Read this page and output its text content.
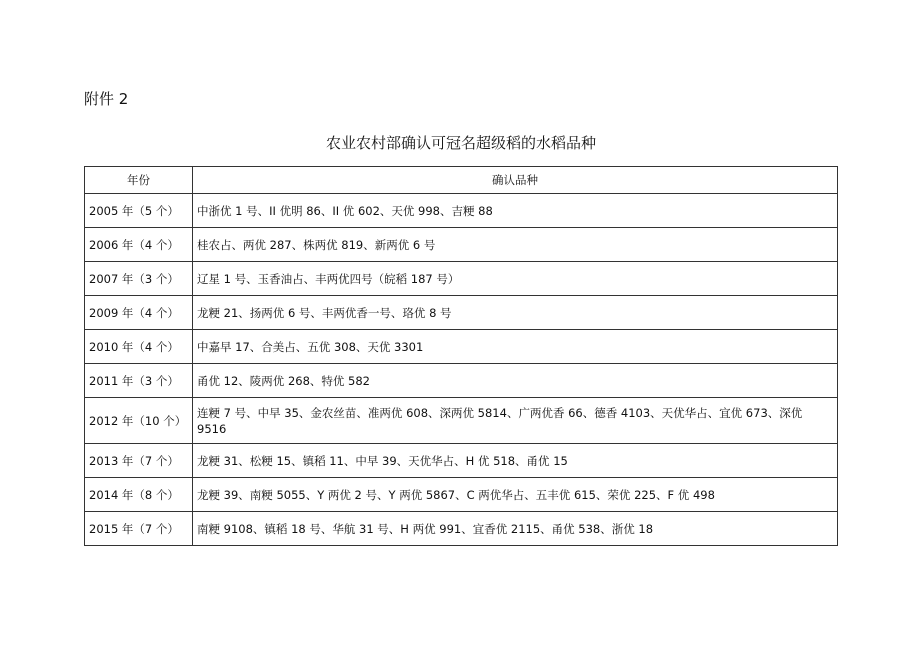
附件 2
农业农村部确认可冠名超级稻的水稻品种
年份	确认品种
2005 年（5 个）	中浙优 1 号、II 优明 86、II 优 602、天优 998、吉粳 88
2006 年（4 个）	桂农占、两优 287、株两优 819、新两优 6 号
2007 年（3 个）	辽星 1 号、玉香油占、丰两优四号（皖稻 187 号）
2009 年（4 个）	龙粳 21、扬两优 6 号、丰两优香一号、珞优 8 号
2010 年（4 个）	中嘉早 17、合美占、五优 308、天优 3301
2011 年（3 个）	甬优 12、陵两优 268、特优 582
2012 年（10 个）	连粳 7 号、中早 35、金农丝苗、准两优 608、深两优 5814、广两优香 66、德香 4103、天优华占、宜优 673、深优 9516
2013 年（7 个）	龙粳 31、松粳 15、镇稻 11、中早 39、天优华占、H 优 518、甬优 15
2014 年（8 个）	龙粳 39、南粳 5055、Y 两优 2 号、Y 两优 5867、C 两优华占、五丰优 615、荣优 225、F 优 498
2015 年（7 个）	南粳 9108、镇稻 18 号、华航 31 号、H 两优 991、宜香优 2115、甬优 538、浙优 18
